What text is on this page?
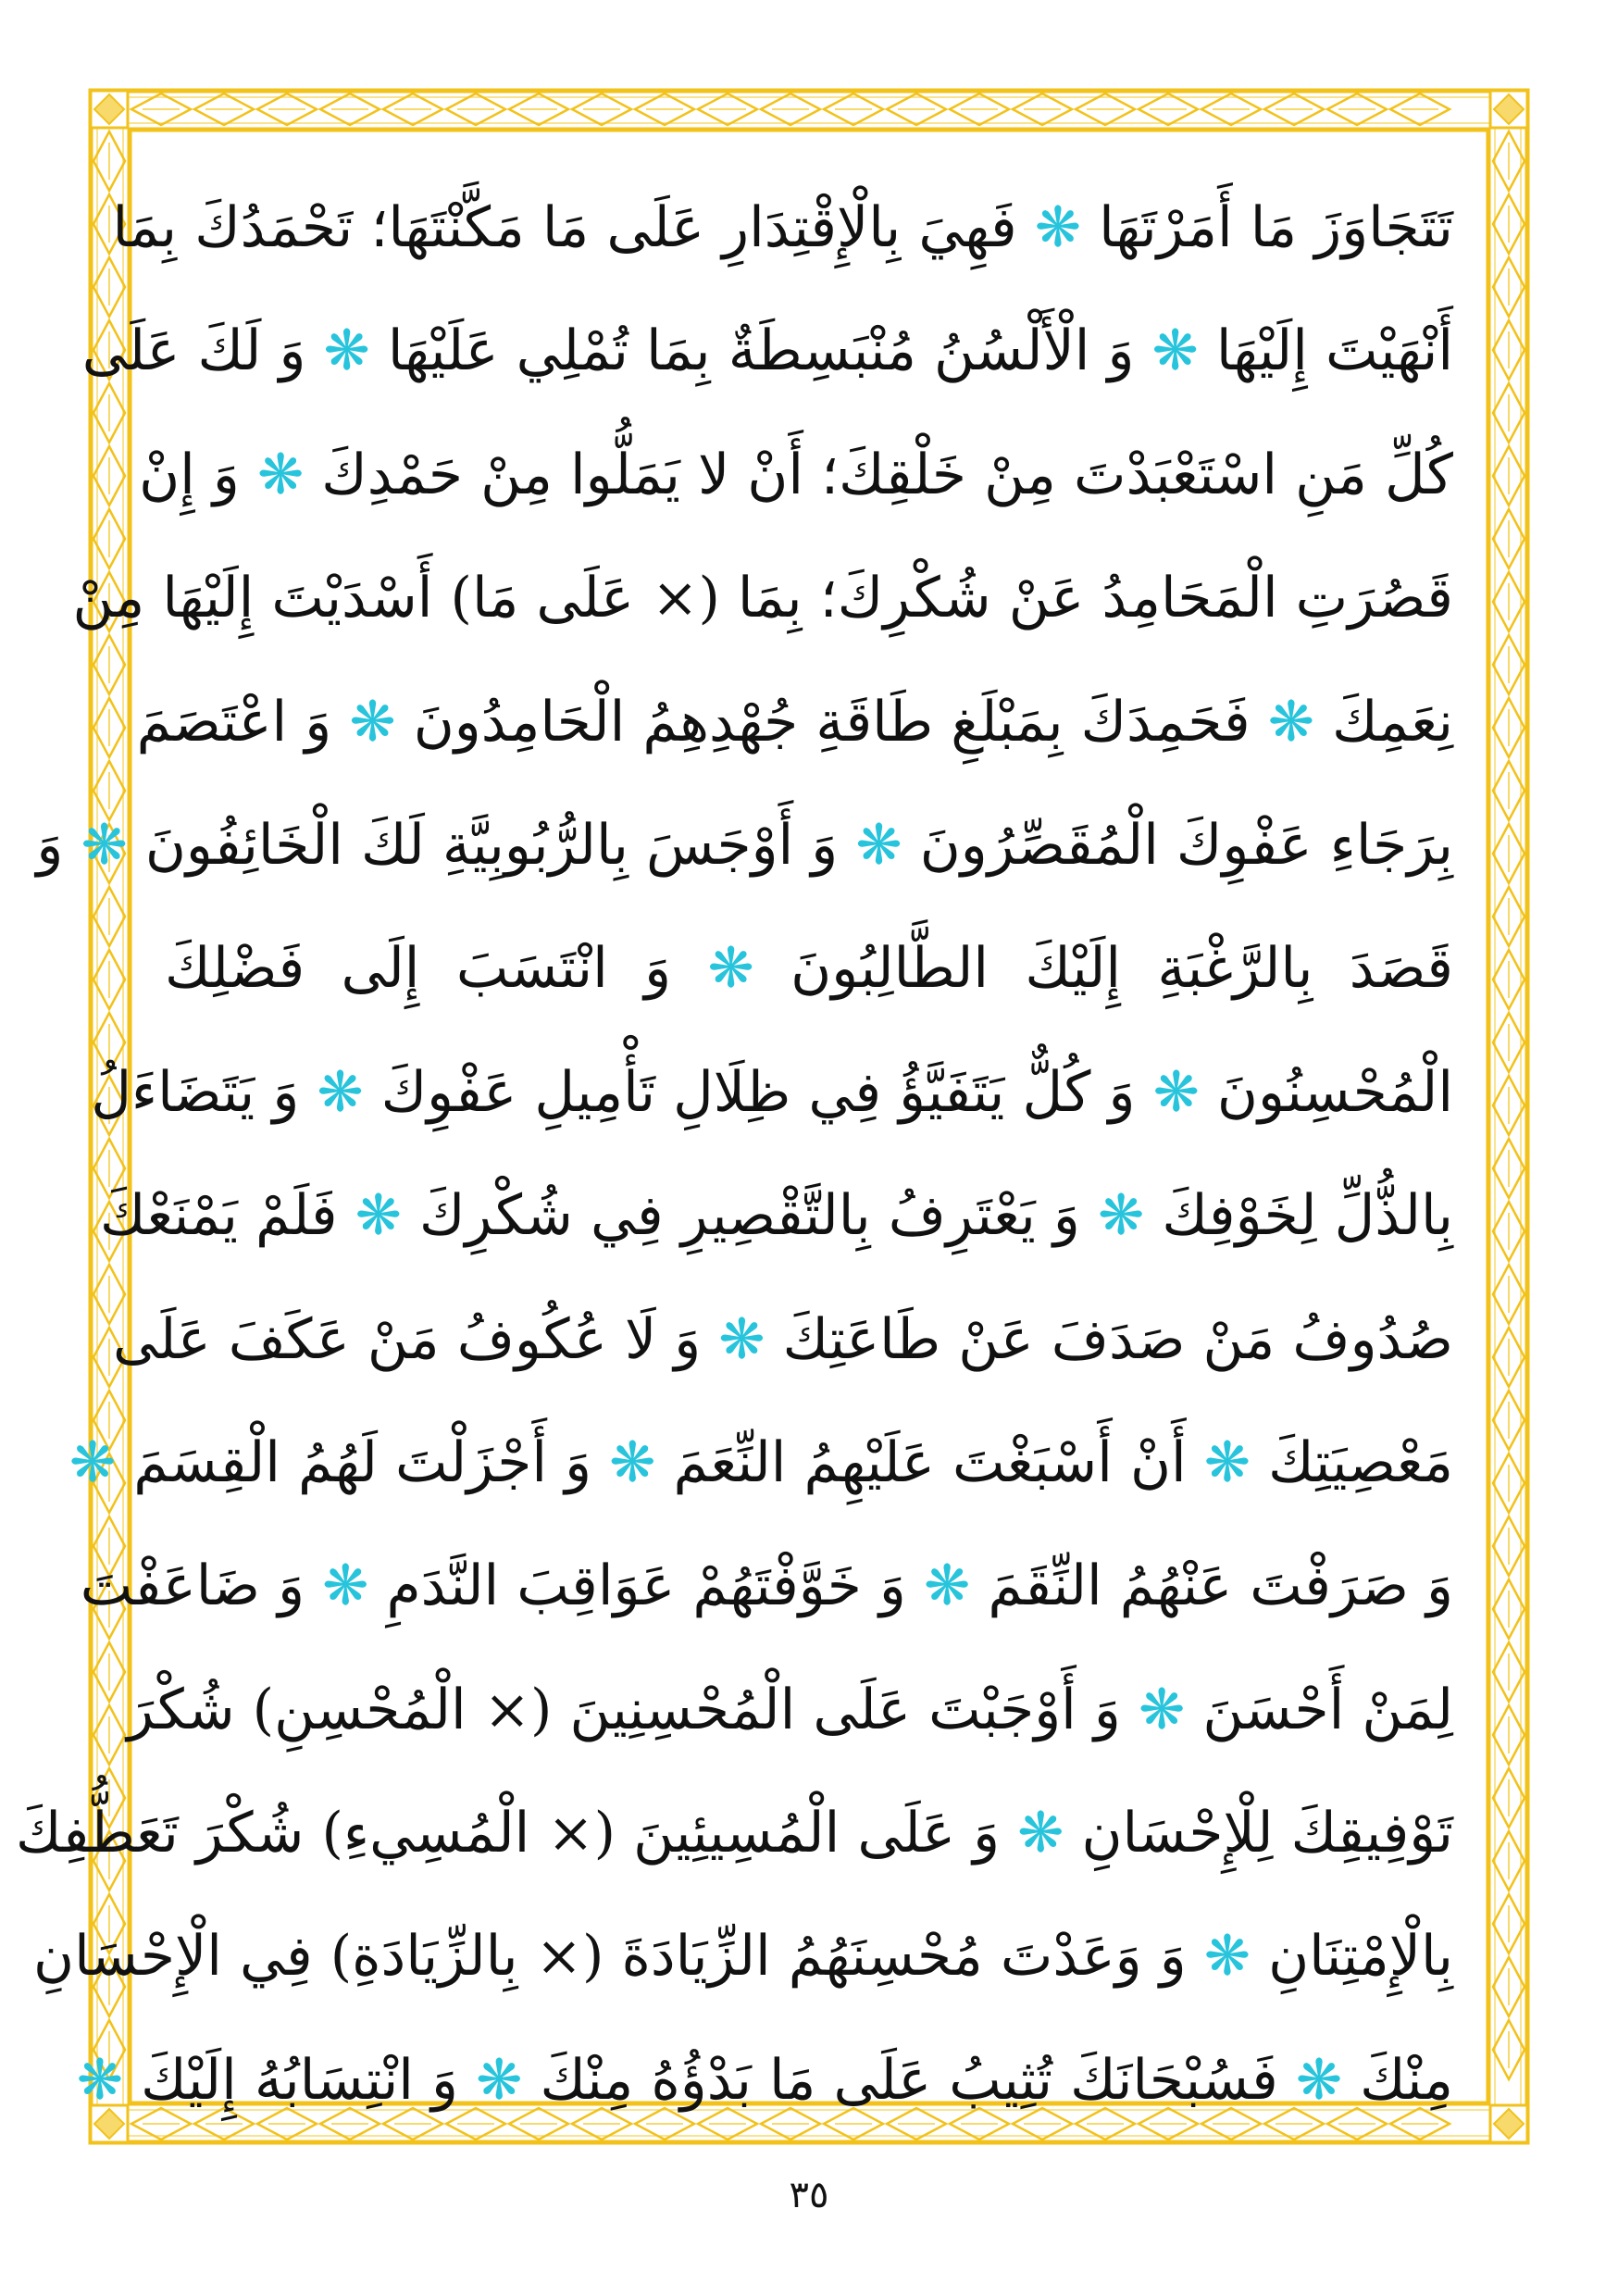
تَتَجَاوَزَ مَا أَمَرْتَهَا ❋ فَهِيَ بِالْإِقْتِدَارِ عَلَى مَا مَكَّنْتَهَا؛ تَحْمَدُكَ بِمَا
أَنْهَيْتَ إِلَيْهَا ❋ وَ الْأَلْسُنُ مُنْبَسِطَةٌ بِمَا تُمْلِي عَلَيْهَا ❋ وَ لَكَ عَلَى
كُلِّ مَنِ اسْتَعْبَدْتَ مِنْ خَلْقِكَ؛ أَنْ لا يَمَلُّوا مِنْ حَمْدِكَ ❋ وَ إِنْ
قَصُرَتِ الْمَحَامِدُ عَنْ شُكْرِكَ؛ بِمَا (× عَلَى مَا) أَسْدَيْتَ إِلَيْهَا مِنْ
نِعَمِكَ ❋ فَحَمِدَكَ بِمَبْلَغِ طَاقَةِ جُهْدِهِمُ الْحَامِدُونَ ❋ وَ اعْتَصَمَ
بِرَجَاءِ عَفْوِكَ الْمُقَصِّرُونَ ❋ وَ أَوْجَسَ بِالرُّبُوبِيَّةِ لَكَ الْخَائِفُونَ ❋ وَ
قَصَدَ بِالرَّغْبَةِ إِلَيْكَ الطَّالِبُونَ ❋ وَ انْتَسَبَ إِلَى فَضْلِكَ
الْمُحْسِنُونَ ❋ وَ كُلٌّ يَتَفَيَّؤُ فِي ظِلَالِ تَأْمِيلِ عَفْوِكَ ❋ وَ يَتَضَاءَلُ
بِالذُّلِّ لِخَوْفِكَ ❋ وَ يَعْتَرِفُ بِالتَّقْصِيرِ فِي شُكْرِكَ ❋ فَلَمْ يَمْنَعْكَ
صُدُوفُ مَنْ صَدَفَ عَنْ طَاعَتِكَ ❋ وَ لَا عُكُوفُ مَنْ عَكَفَ عَلَى
مَعْصِيَتِكَ ❋ أَنْ أَسْبَغْتَ عَلَيْهِمُ النِّعَمَ ❋ وَ أَجْزَلْتَ لَهُمُ الْقِسَمَ ❋
وَ صَرَفْتَ عَنْهُمُ النِّقَمَ ❋ وَ خَوَّفْتَهُمْ عَوَاقِبَ النَّدَمِ ❋ وَ ضَاعَفْتَ
لِمَنْ أَحْسَنَ ❋ وَ أَوْجَبْتَ عَلَى الْمُحْسِنِينَ (× الْمُحْسِنِ) شُكْرَ
تَوْفِيقِكَ لِلْإِحْسَانِ ❋ وَ عَلَى الْمُسِيئِينَ (× الْمُسِيءِ) شُكْرَ تَعَطُّفِكَ
بِالْإِمْتِنَانِ ❋ وَ وَعَدْتَ مُحْسِنَهُمُ الزِّيَادَةَ (× بِالزِّيَادَةِ) فِي الْإِحْسَانِ
مِنْكَ ❋ فَسُبْحَانَكَ تُثِيبُ عَلَى مَا بَدْؤُهُ مِنْكَ ❋ وَ انْتِسَابُهُ إِلَيْكَ ❋
٣٥
